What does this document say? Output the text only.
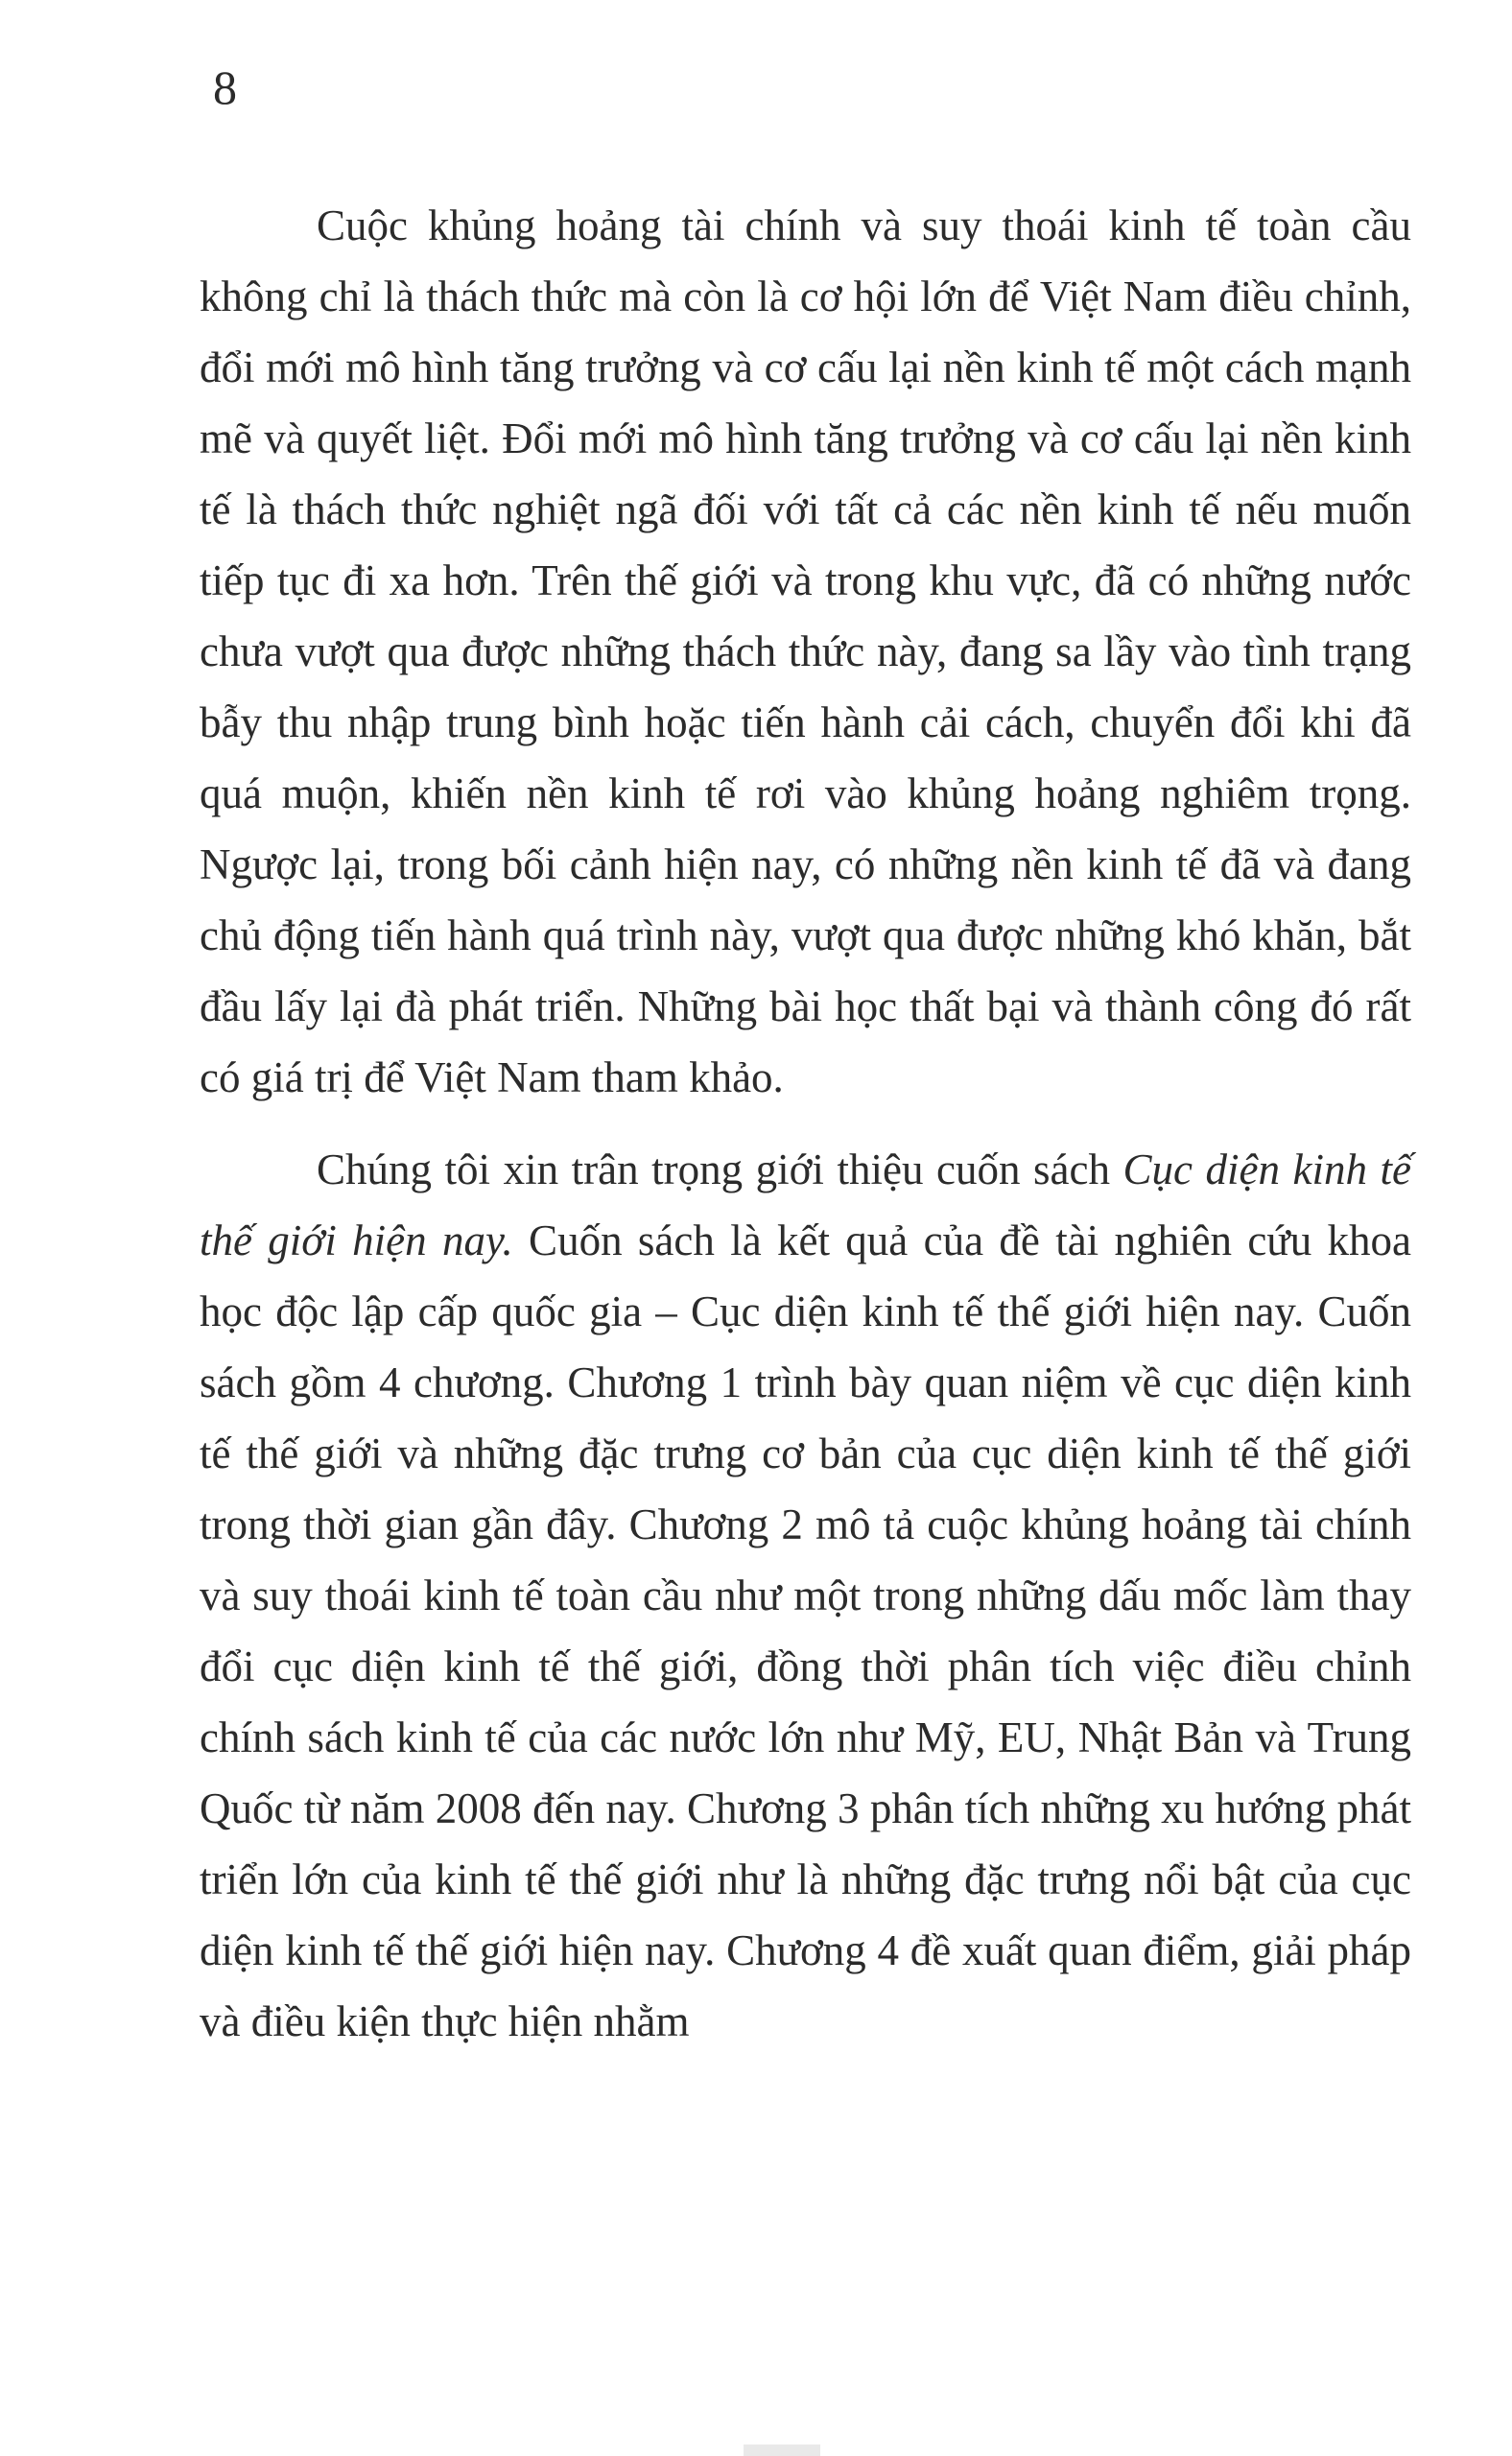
8

Cuộc khủng hoảng tài chính và suy thoái kinh tế toàn cầu không chỉ là thách thức mà còn là cơ hội lớn để Việt Nam điều chỉnh, đổi mới mô hình tăng trưởng và cơ cấu lại nền kinh tế một cách mạnh mẽ và quyết liệt. Đổi mới mô hình tăng trưởng và cơ cấu lại nền kinh tế là thách thức nghiệt ngã đối với tất cả các nền kinh tế nếu muốn tiếp tục đi xa hơn. Trên thế giới và trong khu vực, đã có những nước chưa vượt qua được những thách thức này, đang sa lầy vào tình trạng bẫy thu nhập trung bình hoặc tiến hành cải cách, chuyển đổi khi đã quá muộn, khiến nền kinh tế rơi vào khủng hoảng nghiêm trọng. Ngược lại, trong bối cảnh hiện nay, có những nền kinh tế đã và đang chủ động tiến hành quá trình này, vượt qua được những khó khăn, bắt đầu lấy lại đà phát triển. Những bài học thất bại và thành công đó rất có giá trị để Việt Nam tham khảo.

Chúng tôi xin trân trọng giới thiệu cuốn sách Cục diện kinh tế thế giới hiện nay. Cuốn sách là kết quả của đề tài nghiên cứu khoa học độc lập cấp quốc gia – Cục diện kinh tế thế giới hiện nay. Cuốn sách gồm 4 chương. Chương 1 trình bày quan niệm về cục diện kinh tế thế giới và những đặc trưng cơ bản của cục diện kinh tế thế giới trong thời gian gần đây. Chương 2 mô tả cuộc khủng hoảng tài chính và suy thoái kinh tế toàn cầu như một trong những dấu mốc làm thay đổi cục diện kinh tế thế giới, đồng thời phân tích việc điều chỉnh chính sách kinh tế của các nước lớn như Mỹ, EU, Nhật Bản và Trung Quốc từ năm 2008 đến nay. Chương 3 phân tích những xu hướng phát triển lớn của kinh tế thế giới như là những đặc trưng nổi bật của cục diện kinh tế thế giới hiện nay. Chương 4 đề xuất quan điểm, giải pháp và điều kiện thực hiện nhằm
